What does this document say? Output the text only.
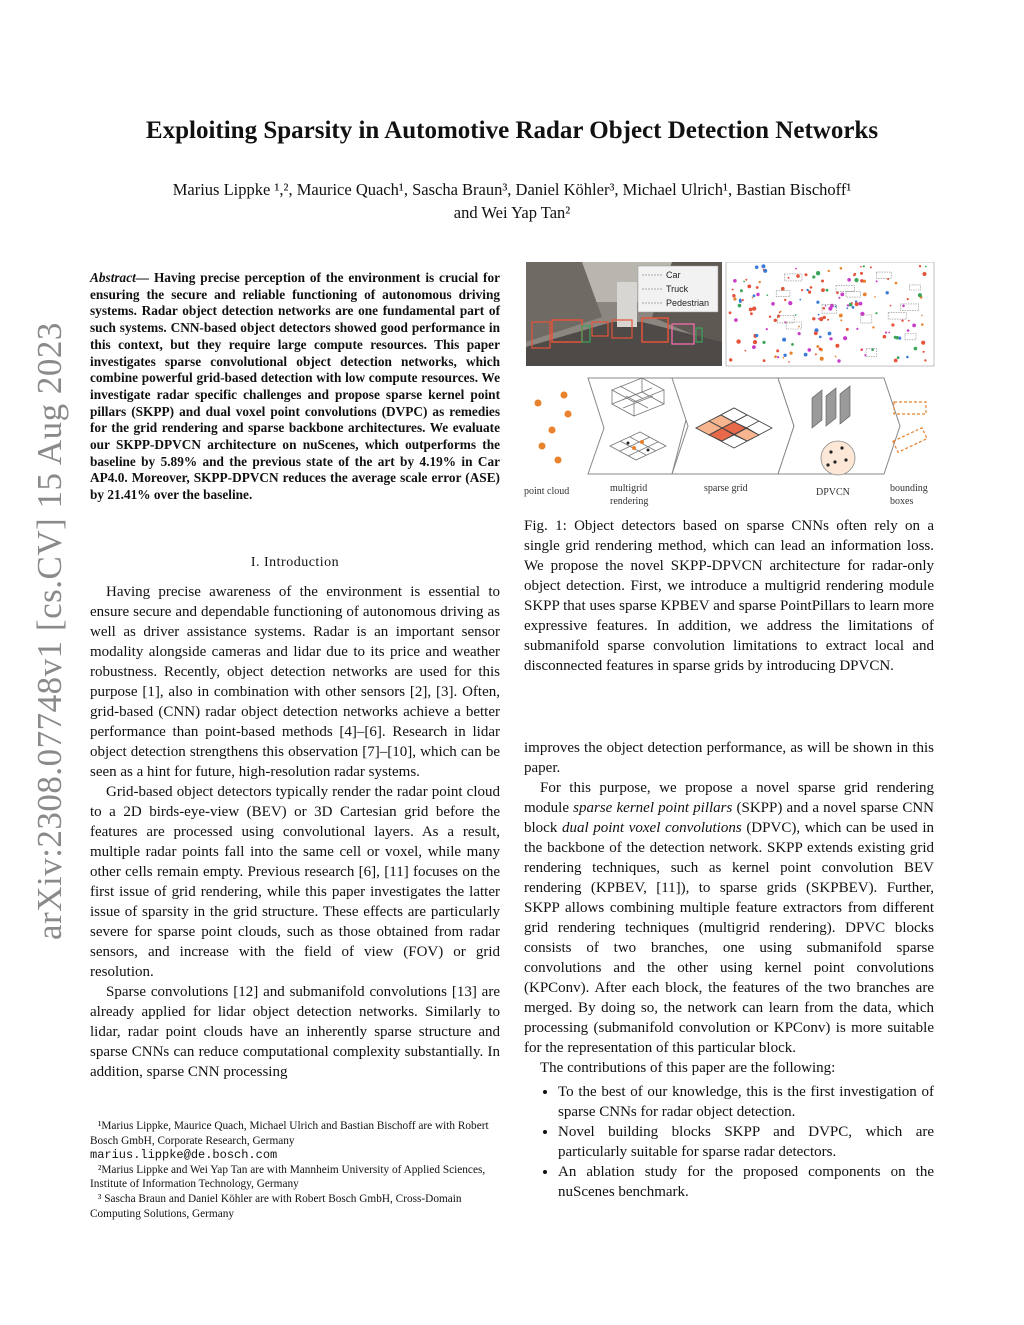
arXiv:2308.07748v1 [cs.CV] 15 Aug 2023
Exploiting Sparsity in Automotive Radar Object Detection Networks
Marius Lippke ¹,², Maurice Quach¹, Sascha Braun³, Daniel Köhler³, Michael Ulrich¹, Bastian Bischoff¹
and Wei Yap Tan²
Abstract— Having precise perception of the environment is crucial for ensuring the secure and reliable functioning of autonomous driving systems. Radar object detection networks are one fundamental part of such systems. CNN-based object detectors showed good performance in this context, but they require large compute resources. This paper investigates sparse convolutional object detection networks, which combine powerful grid-based detection with low compute resources. We investigate radar specific challenges and propose sparse kernel point pillars (SKPP) and dual voxel point convolutions (DVPC) as remedies for the grid rendering and sparse backbone architectures. We evaluate our SKPP-DPVCN architecture on nuScenes, which outperforms the baseline by 5.89% and the previous state of the art by 4.19% in Car AP4.0. Moreover, SKPP-DPVCN reduces the average scale error (ASE) by 21.41% over the baseline.
I. Introduction

Having precise awareness of the environment is essential to ensure secure and dependable functioning of autonomous driving as well as driver assistance systems. Radar is an important sensor modality alongside cameras and lidar due to its price and weather robustness. Recently, object detection networks are used for this purpose [1], also in combination with other sensors [2], [3]. Often, grid-based (CNN) radar object detection networks achieve a better performance than point-based methods [4]–[6]. Research in lidar object detection strengthens this observation [7]–[10], which can be seen as a hint for future, high-resolution radar systems.

Grid-based object detectors typically render the radar point cloud to a 2D birds-eye-view (BEV) or 3D Cartesian grid before the features are processed using convolutional layers. As a result, multiple radar points fall into the same cell or voxel, while many other cells remain empty. Previous research [6], [11] focuses on the first issue of grid rendering, while this paper investigates the latter issue of sparsity in the grid structure. These effects are particularly severe for sparse point clouds, such as those obtained from radar sensors, and increase with the field of view (FOV) or grid resolution.

Sparse convolutions [12] and submanifold convolutions [13] are already applied for lidar object detection networks. Similarly to lidar, radar point clouds have an inherently sparse structure and sparse CNNs can reduce computational complexity substantially. In addition, sparse CNN processing

¹Marius Lippke, Maurice Quach, Michael Ulrich and Bastian Bischoff are with Robert Bosch GmbH, Corporate Research, Germany

marius.lippke@de.bosch.com

²Marius Lippke and Wei Yap Tan are with Mannheim University of Applied Sciences, Institute of Information Technology, Germany

³ Sascha Braun and Daniel Köhler are with Robert Bosch GmbH, Cross-Domain Computing Solutions, Germany

Car
Truck
Pedestrian
point cloud	multigrid
rendering
sparse grid	DPVCN	bounding
boxes
Fig. 1: Object detectors based on sparse CNNs often rely on a single grid rendering method, which can lead an information loss. We propose the novel SKPP-DPVCN architecture for radar-only object detection. First, we introduce a multigrid rendering module SKPP that uses sparse KPBEV and sparse PointPillars to learn more expressive features. In addition, we address the limitations of submanifold sparse convolution limitations to extract local and disconnected features in sparse grids by introducing DPVCN.

improves the object detection performance, as will be shown in this paper.

For this purpose, we propose a novel sparse grid rendering module sparse kernel point pillars (SKPP) and a novel sparse CNN block dual point voxel convolutions (DPVC), which can be used in the backbone of the detection network. SKPP extends existing grid rendering techniques, such as kernel point convolution BEV rendering (KPBEV, [11]), to sparse grids (SKPBEV). Further, SKPP allows combining multiple feature extractors from different grid rendering techniques (multigrid rendering). DPVC blocks consists of two branches, one using submanifold sparse convolutions and the other using kernel point convolutions (KPConv). After each block, the features of the two branches are merged. By doing so, the network can learn from the data, which processing (submanifold convolution or KPConv) is more suitable for the representation of this particular block.

The contributions of this paper are the following:

• To the best of our knowledge, this is the first investigation of sparse CNNs for radar object detection.
• Novel building blocks SKPP and DVPC, which are particularly suitable for sparse radar detectors.
• An ablation study for the proposed components on the nuScenes benchmark.
